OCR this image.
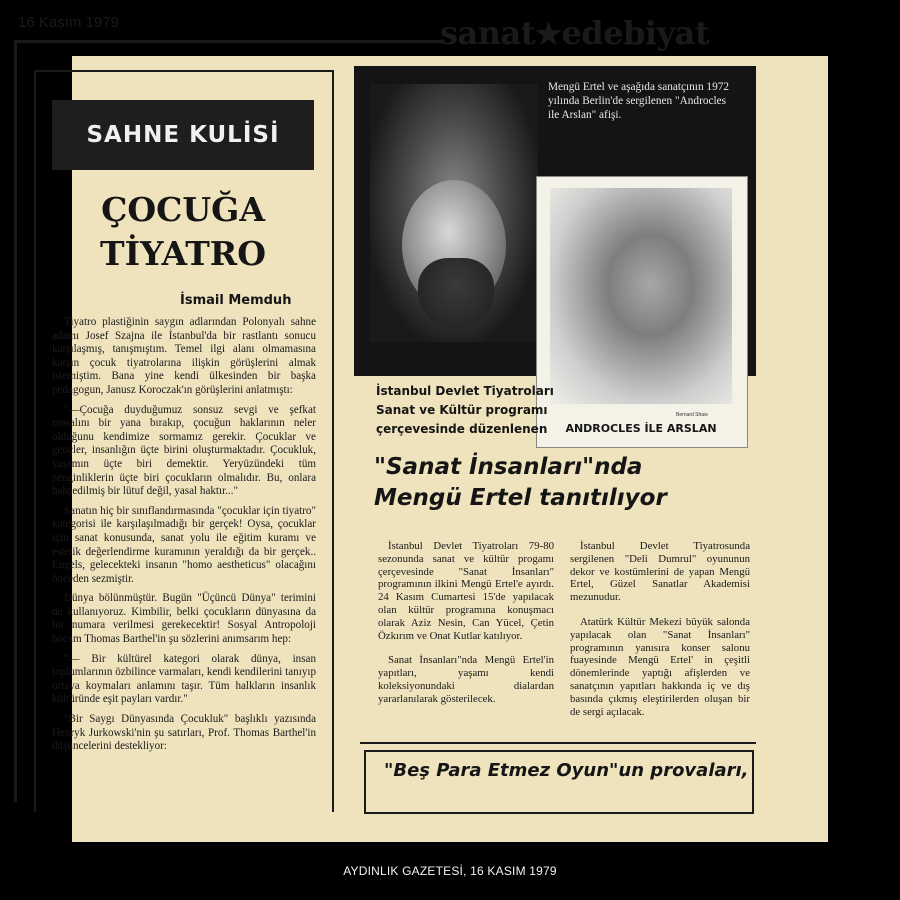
16 Kasım 1979	sanat★edebiyat
SAHNE KULİSİ
ÇOCUĞA
TİYATRO
İsmail Memduh

Tiyatro plastiğinin saygın adlarından Polonyalı sahne adamı Josef Szajna ile İstanbul'da bir rastlantı sonucu karşılaşmış, tanışmıştım. Temel ilgi alanı olmamasına karşın çocuk tiyatrolarına ilişkin görüşlerini almak istemiştim. Bana yine kendi ülkesinden bir başka pedagogun, Janusz Koroczak'ın görüşlerini anlatmıştı:

"—Çocuğa duyduğumuz sonsuz sevgi ve şefkat masalını bir yana bırakıp, çocuğun haklarının neler olduğunu kendimize sormamız gerekir. Çocuklar ve gençler, insanlığın üçte birini oluşturmaktadır. Çocukluk, yaşamın üçte biri demektir. Yeryüzündeki tüm zenginliklerin üçte biri çocukların olmalıdır. Bu, onlara bahşedilmiş bir lütuf değil, yasal haktır..."

Sanatın hiç bir sınıflandırmasında "çocuklar için tiyatro" kategorisi ile karşılaşılmadığı bir gerçek! Oysa, çocuklar için sanat konusunda, sanat yolu ile eğitim kuramı ve estetik değerlendirme kuramının yeraldığı da bir gerçek.. Engels, gelecekteki insanın "homo aestheticus" olacağını önceden sezmiştir.

Dünya bölünmüştür. Bugün "Üçüncü Dünya" terimini de kullanıyoruz. Kimbilir, belki çocukların dünyasına da bir numara verilmesi gerekecektir! Sosyal Antropoloji hocam Thomas Barthel'in şu sözlerini anımsarım hep:

"— Bir kültürel kategori olarak dünya, insan toplumlarının özbilince varmaları, kendi kendilerini tanıyıp ortaya koymaları anlamını taşır. Tüm halkların insanlık kültüründe eşit payları vardır."

"Bir Saygı Dünyasında Çocukluk" başlıklı yazısında Henryk Jurkowski'nin şu satırları, Prof. Thomas Barthel'in düşüncelerini destekliyor:

Mengü Ertel ve aşağıda sanatçının 1972 yılında Berlin'de sergilenen "Androcles ile Arslan" afişi.
Bernard Shaw
ANDROCLES İLE ARSLAN
İstanbul Devlet Tiyatroları
Sanat ve Kültür programı
çerçevesinde düzenlenen
"Sanat İnsanları"nda
Mengü Ertel tanıtılıyor

İstanbul Devlet Tiyatroları 79-80 sezonunda sanat ve kültür progamı çerçevesinde "Sanat İnsanları" programının ilkini Mengü Ertel'e ayırdı. 24 Kasım Cumartesi 15'de yapılacak olan kültür programına konuşmacı olarak Aziz Nesin, Can Yücel, Çetin Özkırım ve Onat Kutlar katılıyor.

Sanat İnsanları"nda Mengü Ertel'in yapıtları, yaşamı kendi koleksiyonundaki dialardan yararlanılarak gösterilecek.

İstanbul Devlet Tiyatrosunda sergilenen "Deli Dumrul" oyununun dekor ve kostümlerini de yapan Mengü Ertel, Güzel Sanatlar Akademisi mezunudur.

Atatürk Kültür Mekezi büyük salonda yapılacak olan "Sanat İnsanları" programının yanısıra konser salonu fuayesinde Mengü Ertel' in çeşitli dönemlerinde yaptığı afişlerden ve sanatçının yapıtları hakkında iç ve dış basında çıkmış eleştirilerden oluşan bir de sergi açılacak.

"Beş Para Etmez Oyun"un provaları,
AYDINLIK GAZETESİ, 16 KASIM 1979
